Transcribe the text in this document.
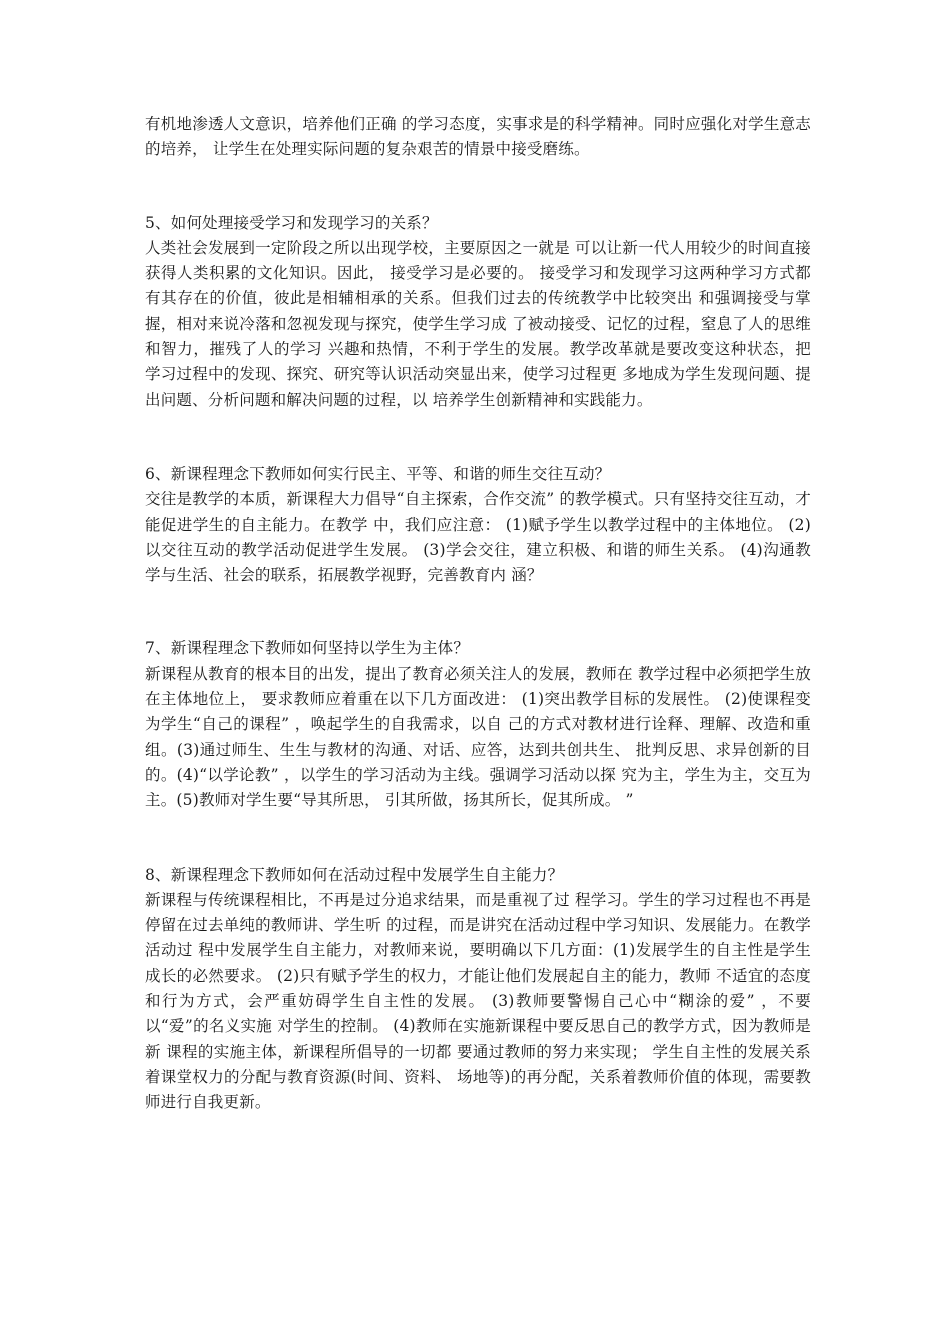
有机地渗透人文意识，培养他们正确 的学习态度，实事求是的科学精神。同时应强化对学生意志的培养， 让学生在处理实际问题的复杂艰苦的情景中接受磨练。

5、如何处理接受学习和发现学习的关系？
人类社会发展到一定阶段之所以出现学校，主要原因之一就是 可以让新一代人用较少的时间直接获得人类积累的文化知识。因此， 接受学习是必要的。 接受学习和发现学习这两种学习方式都有其存在的价值，彼此是相辅相承的关系。但我们过去的传统教学中比较突出 和强调接受与掌握，相对来说冷落和忽视发现与探究，使学生学习成 了被动接受、记忆的过程，窒息了人的思维和智力，摧残了人的学习 兴趣和热情，不利于学生的发展。教学改革就是要改变这种状态，把 学习过程中的发现、探究、研究等认识活动突显出来，使学习过程更 多地成为学生发现问题、提出问题、分析问题和解决问题的过程，以 培养学生创新精神和实践能力。

6、新课程理念下教师如何实行民主、平等、和谐的师生交往互动？
交往是教学的本质，新课程大力倡导“自主探索，合作交流” 的教学模式。只有坚持交往互动，才能促进学生的自主能力。在教学 中，我们应注意： (1)赋予学生以教学过程中的主体地位。 (2)以交往互动的教学活动促进学生发展。 (3)学会交往，建立积极、和谐的师生关系。 (4)沟通教学与生活、社会的联系，拓展教学视野，完善教育内 涵？

7、新课程理念下教师如何坚持以学生为主体？
新课程从教育的根本目的出发，提出了教育必须关注人的发展，教师在 教学过程中必须把学生放在主体地位上， 要求教师应着重在以下几方面改进： (1)突出教学目标的发展性。 (2)使课程变为学生“自己的课程” ，唤起学生的自我需求，以自 己的方式对教材进行诠释、理解、改造和重组。(3)通过师生、生生与教材的沟通、对话、应答，达到共创共生、 批判反思、求异创新的目的。(4)“以学论教” ，以学生的学习活动为主线。强调学习活动以探 究为主，学生为主，交互为主。(5)教师对学生要“导其所思， 引其所做，扬其所长，促其所成。 ”

8、新课程理念下教师如何在活动过程中发展学生自主能力？
新课程与传统课程相比，不再是过分追求结果，而是重视了过 程学习。学生的学习过程也不再是停留在过去单纯的教师讲、学生听 的过程，而是讲究在活动过程中学习知识、发展能力。在教学活动过 程中发展学生自主能力，对教师来说，要明确以下几方面：(1)发展学生的自主性是学生成长的必然要求。 (2)只有赋予学生的权力，才能让他们发展起自主的能力，教师 不适宜的态度和行为方式，会严重妨碍学生自主性的发展。 (3)教师要警惕自己心中“糊涂的爱” ，不要以“爱”的名义实施 对学生的控制。 (4)教师在实施新课程中要反思自己的教学方式，因为教师是新 课程的实施主体，新课程所倡导的一切都 要通过教师的努力来实现； 学生自主性的发展关系着课堂权力的分配与教育资源(时间、资料、 场地等)的再分配，关系着教师价值的体现，需要教师进行自我更新。
